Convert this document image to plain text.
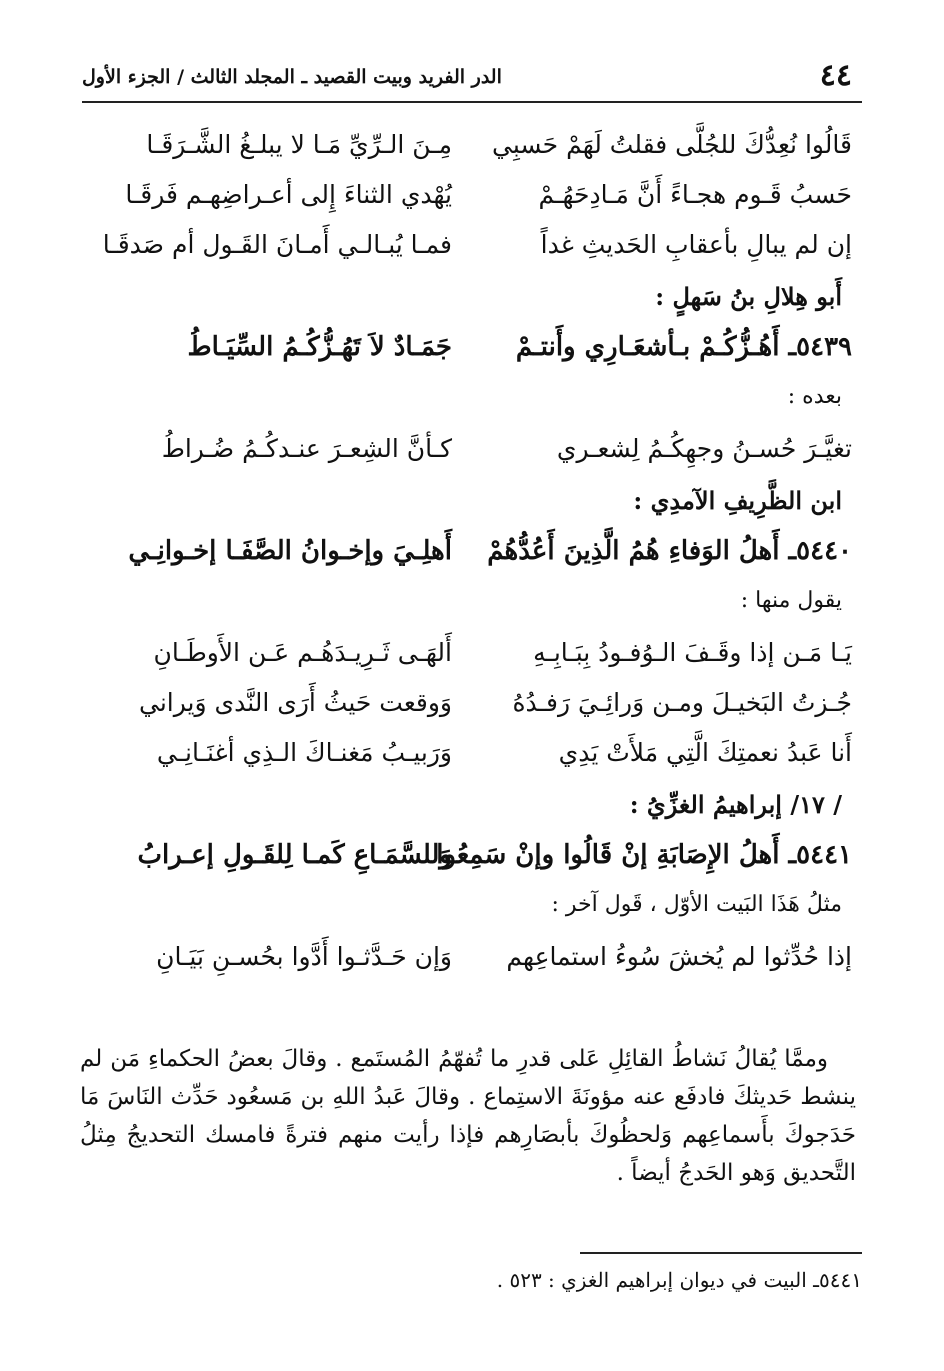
٤٤
الدر الفريد وبيت القصيد ـ المجلد الثالث / الجزء الأول
قَالُوا نُعِدُّكَ للجُلَّى فقلتُ لَهَمْ حَسبِي
مِـنَ الـرِّيِّ مَـا لا يبلـغُ الشَّـرَقَـا
حَسبُ قَـوم هجـاءً أَنَّ مَـادِحَهُـمْ
يُهْدي الثناءَ إِلى أعـراضِهـم فَرقَـا
إن لم يبالِ بأعقابِ الحَديثِ غداً
فمـا يُبـالـي أَمـانَ القَـول أم صَدقَـا
أَبو هِلالِ بنُ سَهلٍ :
٥٤٣٩ـ أَهُـزُّكُـمْ بـأشعَـارِي وأَنتـمْ
جَمَـادٌ لاَ تَهُـزُّكُـمُ السِّيَـاطُ
بعده :
تغيَّـرَ حُسـنُ وجهِكُـمُ لِشعـري
كـأنَّ الشِعـرَ عنـدكُـمُ ضُـراطُ
ابن الظَّرِيفِ الآمدِي :
٥٤٤٠ـ أَهلُ الوَفاءِ هُمُ الَّذِينَ أَعُدُّهُمْ
أَهلِـيَ وإخـوانُ الصَّفَـا إخـوانِـي
يقول منها :
يَـا مَـن إذا وقَـفَ الـوُفـودُ بِبَـابِـهِ
أَلهَـى ثَـرِيـدَهُـم عَـن الأَوطَـانِ
جُـزتُ البَخيـلَ ومـن وَرائِـيَ رَفـدُهُ
وَوقعت حَيثُ أَرَى النَّدى وَيراني
أَنا عَبدُ نعمتِكَ الَّتِي مَلأَتْ يَدِي
وَرَبيـبُ مَغنـاكَ الـذِي أغنَـانِـي
/ ١٧/ إبراهيمُ الغزِّيُ :
٥٤٤١ـ أَهلُ الإِصَابَةِ إنْ قَالُوا وإنْ سَمِعُوا
وَللسَّمَـاعِ كَمـا لِلقَـولِ إعـرابُ
مثلُ هَذَا البَيت الأوّل ، قَول آخر :
إذا حُدِّثوا لم يُخشَ سُوءُ استماعِهم
وَإن حَـدَّثـوا أَدَّوا بحُسـنِ بَيَـانِ

وممَّا يُقالُ نَشاطُ القائِلِ عَلى قدرِ ما تُفهّمُ المُستَمع . وقالَ بعضُ الحكماءِ مَن لم ينشط حَديثكَ فادفَع عنه مؤونَةَ الاستِماع . وقالَ عَبدُ اللهِ بن مَسعُود حَدِّث النَاسَ مَا حَدَجوكَ بأَسماعِهم وَلحظُوكَ بأبصَارِهم فإذا رأيت منهم فترةً فامسك التحديجُ مِثلُ التَّحديق وَهو الحَدجُ أيضاً .

٥٤٤١ـ البيت في ديوان إبراهيم الغزي : ٥٢٣ .
